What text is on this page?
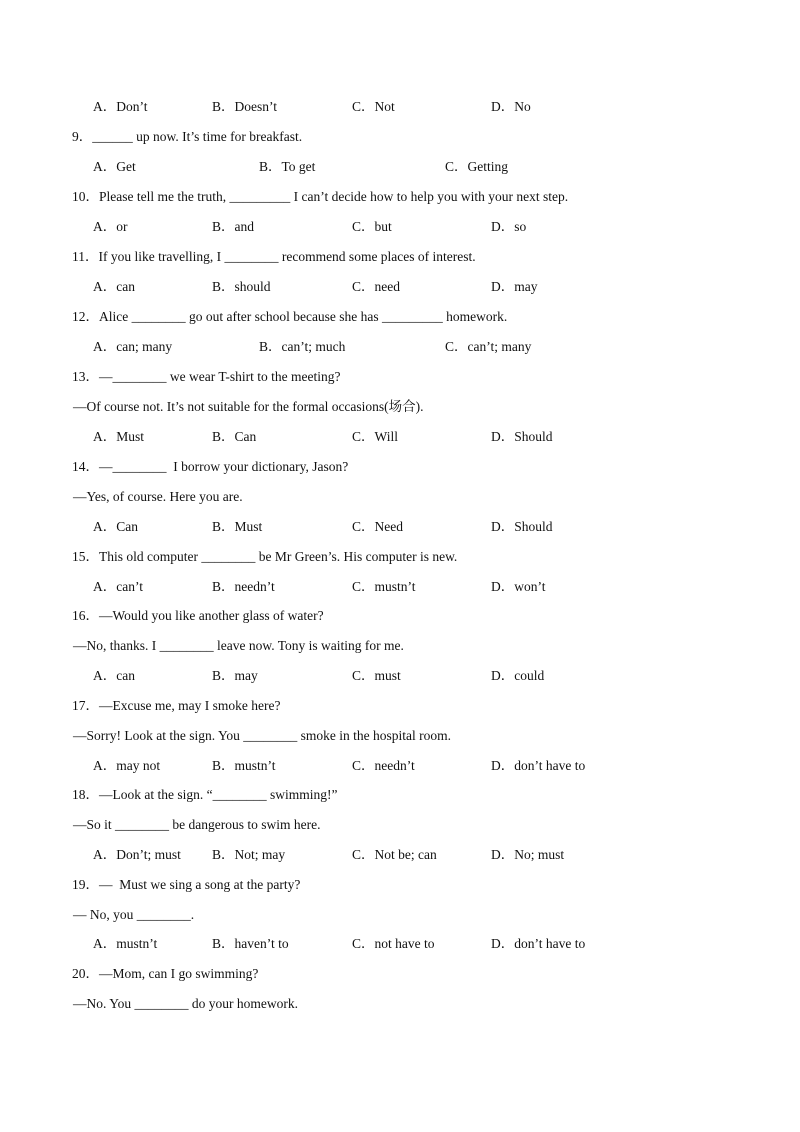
A．Don’t	B．Doesn’t	C．Not	D．No
9．______ up now. It’s time for breakfast.
A．Get	B．To get	C．Getting
10．Please tell me the truth, _________ I can’t decide how to help you with your next step.
A．or	B．and	C．but	D．so
11．If you like travelling, I ________ recommend some places of interest.
A．can	B．should	C．need	D．may
12．Alice ________ go out after school because she has _________ homework.
A．can; many	B．can’t; much	C．can’t; many
13．—________ we wear T-shirt to the meeting?
—Of course not. It’s not suitable for the formal occasions(场合).
A．Must	B．Can	C．Will	D．Should
14．—________  I borrow your dictionary, Jason?
—Yes, of course. Here you are.
A．Can	B．Must	C．Need	D．Should
15．This old computer ________ be Mr Green’s. His computer is new.
A．can’t	B．needn’t	C．mustn’t	D．won’t
16．—Would you like another glass of water?
—No, thanks. I ________ leave now. Tony is waiting for me.
A．can	B．may	C．must	D．could
17．—Excuse me, may I smoke here?
—Sorry! Look at the sign. You ________ smoke in the hospital room.
A．may not	B．mustn’t	C．needn’t	D．don’t have to
18．—Look at the sign. “________ swimming!”
—So it ________ be dangerous to swim here.
A．Don’t; must B．Not; may	C．Not be; can	D．No; must
19．—  Must we sing a song at the party?
— No, you ________.
A．mustn’t	B．haven’t to	C．not have to	D．don’t have to
20．—Mom, can I go swimming?
—No. You ________ do your homework.
